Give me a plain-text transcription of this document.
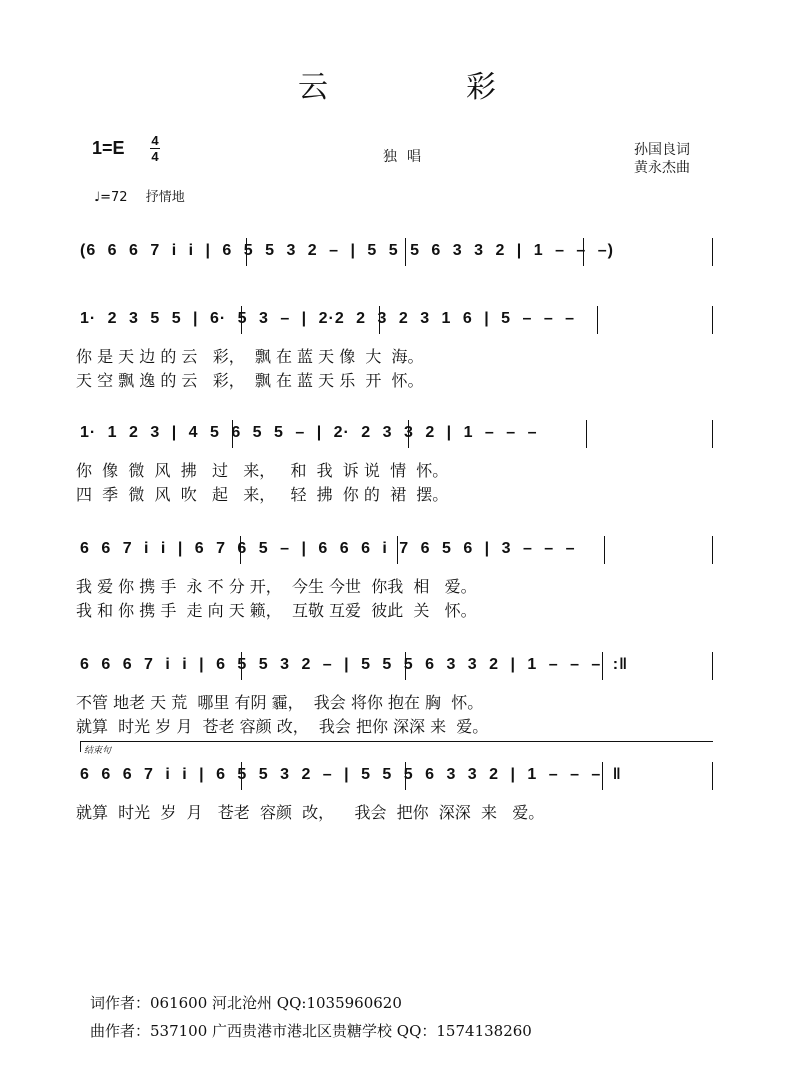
云	彩
1=E 4
4	独唱	孙国良词
黄永杰曲
♩=72 抒情地
(6 6 6 7 i i | 6 5 5 3 2 – | 5 5 5 6 3 3 2 | 1 – – –)
1· 2 3 5 5 | 6· 5 3 – | 2·2 2 3 2 3 1 6 | 5 – – –
你 是 天 边 的 云   彩，  飘 在 蓝 天 像  大  海。
天 空 飘 逸 的 云   彩，  飘 在 蓝 天 乐  开  怀。
1· 1 2 3 | 4 5 6 5 5 – | 2· 2 3 3 2 | 1 – – –
你  像  微  风  拂   过   来，   和  我  诉 说  情  怀。
四  季  微  风  吹   起   来，   轻  拂  你 的  裙  摆。
6 6 7 i i | 6 7 6 5 – | 6 6 6 i 7 6 5 6 | 3 – – –
我 爱 你 携 手  永 不 分 开，  今生 今世  你我  相   爱。
我 和 你 携 手  走 向 天 籁，  互敬 互爱  彼此  关   怀。
6 6 6 7 i i | 6 5 5 3 2 – | 5 5 5 6 3 3 2 | 1 – – – :‖
不管 地老 天 荒  哪里 有阴 霾，  我会 将你 抱在 胸  怀。
就算  时光 岁 月  苍老 容颜 改，  我会 把你 深深 来  爱。
6 6 6 7 i i | 6 5 5 3 2 – | 5 5 5 6 3 3 2 | 1 – – – ‖
就算  时光  岁  月   苍老  容颜  改，    我会  把你  深深  来   爱。
结束句
词作者：061600 河北沧州 QQ:1035960620
曲作者：537100 广西贵港市港北区贵糖学校 QQ：1574138260
